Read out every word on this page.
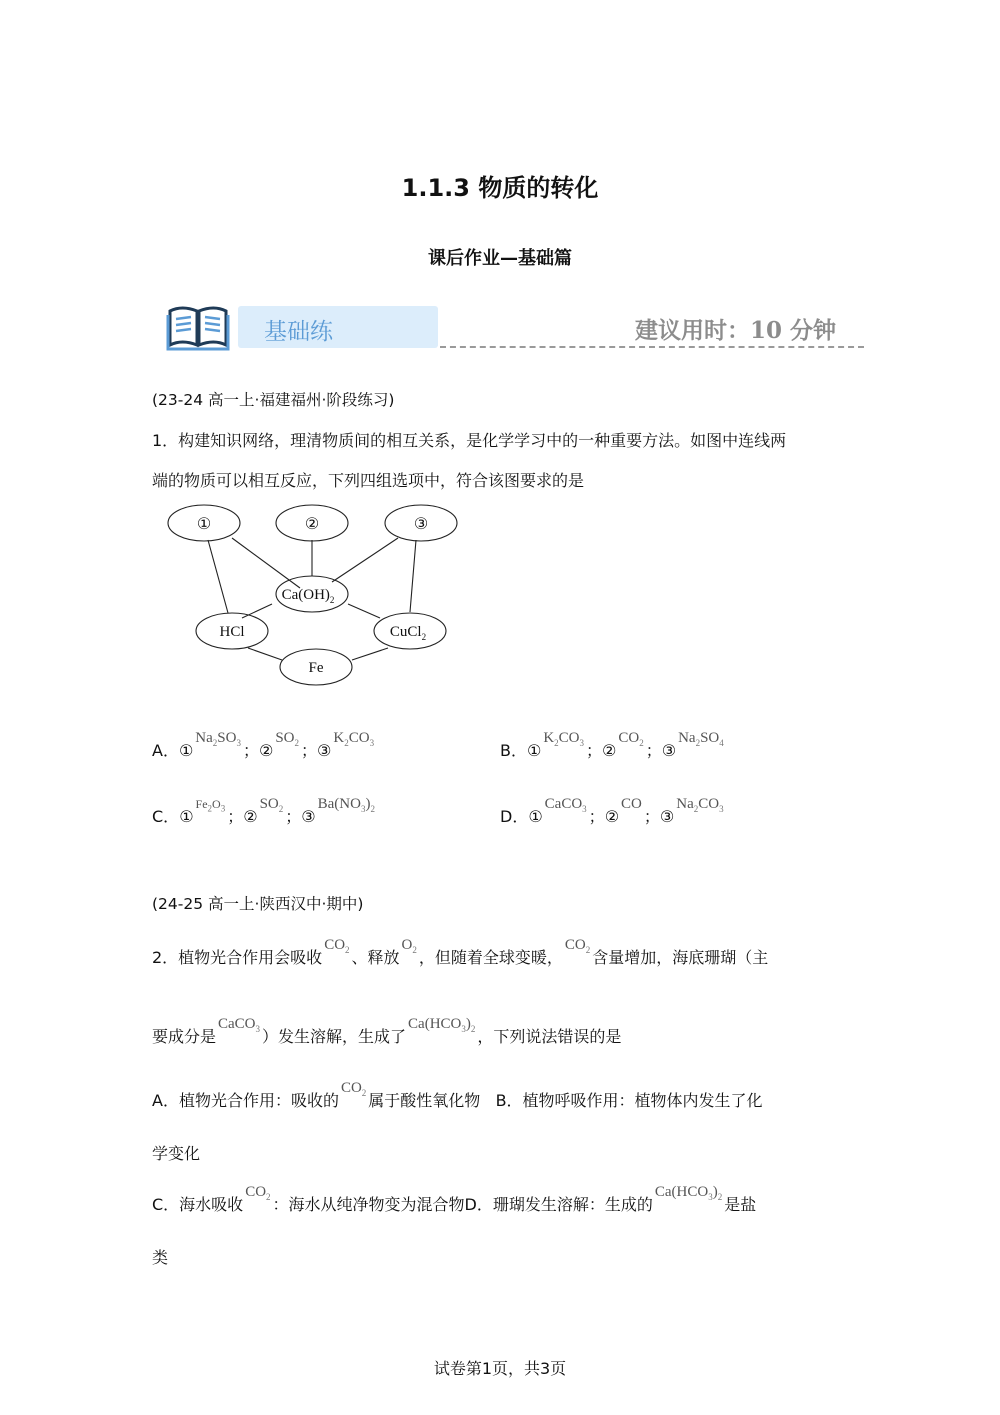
1.1.3 物质的转化
课后作业—基础篇
基础练	建议用时：10 分钟
(23-24 高一上·福建福州·阶段练习)
1．构建知识网络，理清物质间的相互关系，是化学学习中的一种重要方法。如图中连线两
端的物质可以相互反应，下列四组选项中，符合该图要求的是
①	②	③
$Ca(OH)_2$
HCl	CuCl$_2$
Fe
A．$①Na_2SO_3$ ；$②SO_2$ ；$③K_2CO_3$	B．$①K_2CO_3$ ；$②CO_2$ ；$③Na_2SO_4$
C．$①Fe_2O_3$ ；$②SO_2$ ；$③Ba(NO_3)_2$	D．①CaCO$_3$ ；②CO；$③Na_2CO_3$
(24-25 高一上·陕西汉中·期中)
2．植物光合作用会吸收$CO_2$ 、释放$O_2$ ，但随着全球变暖，$CO_2$ 含量增加，海底珊瑚（主
要成分是CaCO$_3$ ）发生溶解，生成了$Ca(HCO_3)_2$ ，下列说法错误的是
A．植物光合作用：吸收的$CO_2$ 属于酸性氧化物 B．植物呼吸作用：植物体内发生了化
学变化
C．海水吸收$CO_2$ ：海水从纯净物变为混合物D．珊瑚发生溶解：生成的$Ca(HCO_3)_2$ 是盐
类
试卷第1页，共3页
